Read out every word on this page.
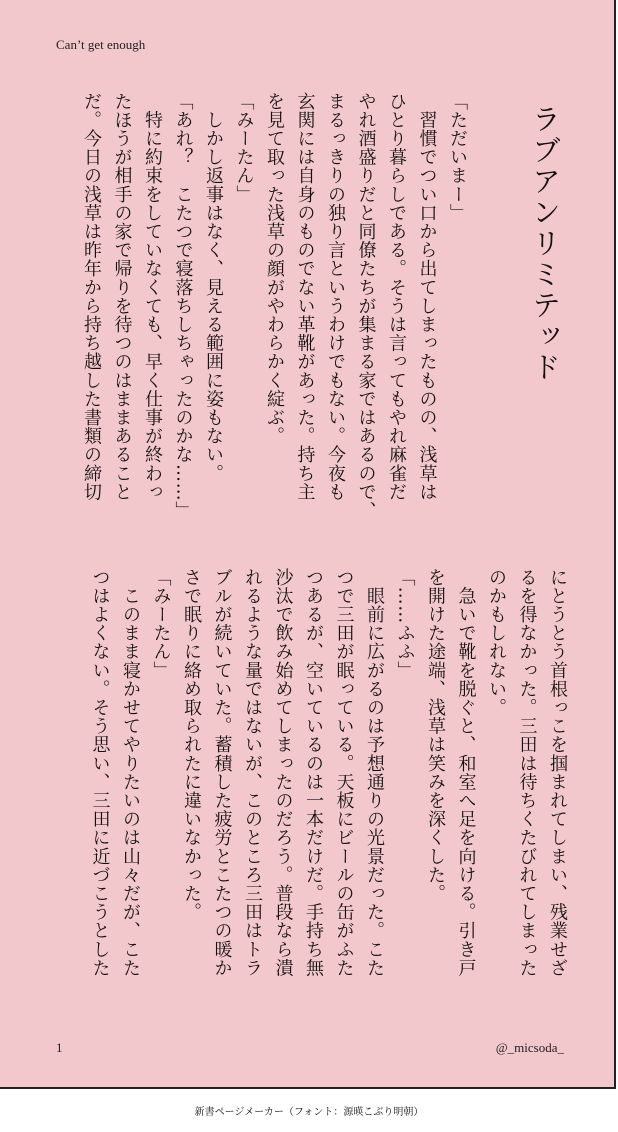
Can’t get enough
ラブアンリミテッド

「ただいまー」

　習慣でつい口から出てしまったものの、浅草は

ひとり暮らしである。そうは言ってもやれ麻雀だ

やれ酒盛りだと同僚たちが集まる家ではあるので、

まるっきりの独り言というわけでもない。今夜も

玄関には自身のものでない革靴があった。持ち主

を見て取った浅草の顔がやわらかく綻ぶ。

「みーたん」

　しかし返事はなく、見える範囲に姿もない。

「あれ？　こたつで寝落ちしちゃったのかな……」

　特に約束をしていなくても、早く仕事が終わっ

たほうが相手の家で帰りを待つのはままあること

だ。今日の浅草は昨年から持ち越した書類の締切

にとうとう首根っこを掴まれてしまい、残業せざ

るを得なかった。三田は待ちくたびれてしまった

のかもしれない。

　急いで靴を脱ぐと、和室へ足を向ける。引き戸

を開けた途端、浅草は笑みを深くした。

「……ふふ」

　眼前に広がるのは予想通りの光景だった。こた

つで三田が眠っている。天板にビールの缶がふた

つあるが、空いているのは一本だけだ。手持ち無

沙汰で飲み始めてしまったのだろう。普段なら潰

れるような量ではないが、このところ三田はトラ

ブルが続いていた。蓄積した疲労とこたつの暖か

さで眠りに絡め取られたに違いなかった。

「みーたん」

　このまま寝かせてやりたいのは山々だが、こた

つはよくない。そう思い、三田に近づこうとした

1	@_micsoda_
新書ページメーカー（フォント：源暎こぶり明朝）
